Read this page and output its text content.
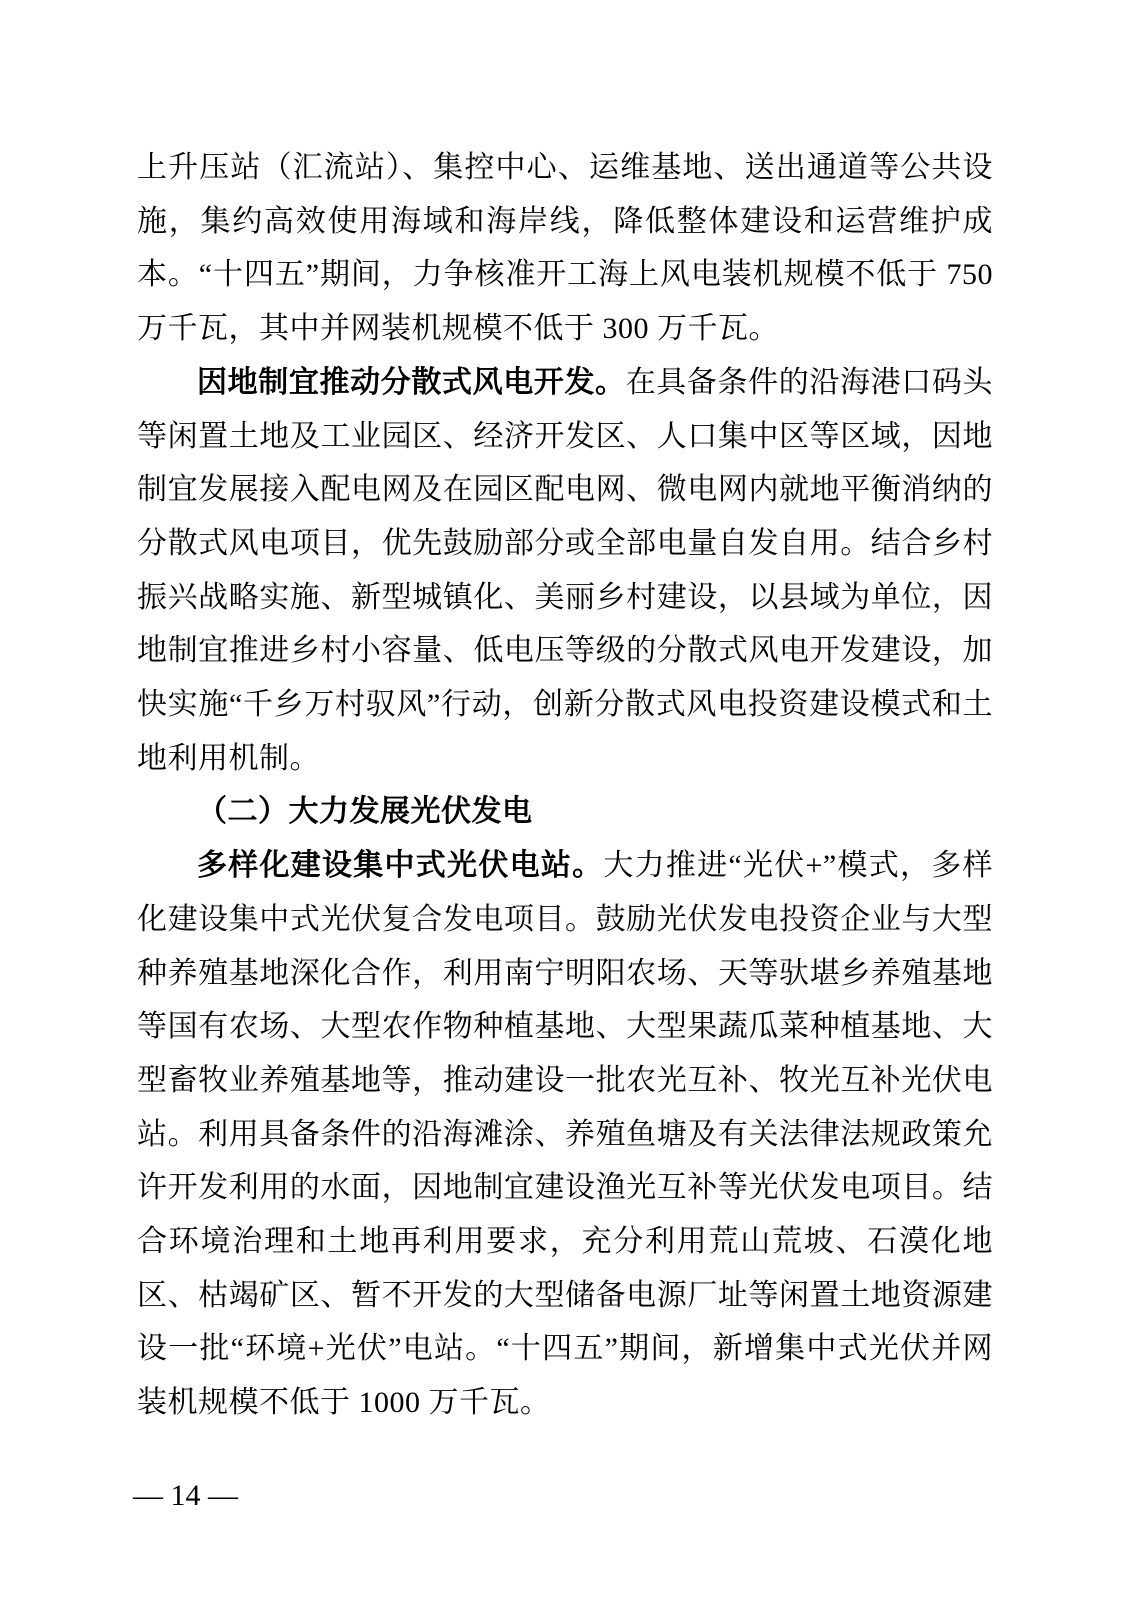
上升压站（汇流站）、集控中心、运维基地、送出通道等公共设施，集约高效使用海域和海岸线，降低整体建设和运营维护成本。“十四五”期间，力争核准开工海上风电装机规模不低于 750 万千瓦，其中并网装机规模不低于 300 万千瓦。

因地制宜推动分散式风电开发。在具备条件的沿海港口码头等闲置土地及工业园区、经济开发区、人口集中区等区域，因地制宜发展接入配电网及在园区配电网、微电网内就地平衡消纳的分散式风电项目，优先鼓励部分或全部电量自发自用。结合乡村振兴战略实施、新型城镇化、美丽乡村建设，以县域为单位，因地制宜推进乡村小容量、低电压等级的分散式风电开发建设，加快实施“千乡万村驭风”行动，创新分散式风电投资建设模式和土地利用机制。

（二）大力发展光伏发电

多样化建设集中式光伏电站。大力推进“光伏+”模式，多样化建设集中式光伏复合发电项目。鼓励光伏发电投资企业与大型种养殖基地深化合作，利用南宁明阳农场、天等驮堪乡养殖基地等国有农场、大型农作物种植基地、大型果蔬瓜菜种植基地、大型畜牧业养殖基地等，推动建设一批农光互补、牧光互补光伏电站。利用具备条件的沿海滩涂、养殖鱼塘及有关法律法规政策允许开发利用的水面，因地制宜建设渔光互补等光伏发电项目。结合环境治理和土地再利用要求，充分利用荒山荒坡、石漠化地区、枯竭矿区、暂不开发的大型储备电源厂址等闲置土地资源建设一批“环境+光伏”电站。“十四五”期间，新增集中式光伏并网装机规模不低于 1000 万千瓦。

— 14 —
